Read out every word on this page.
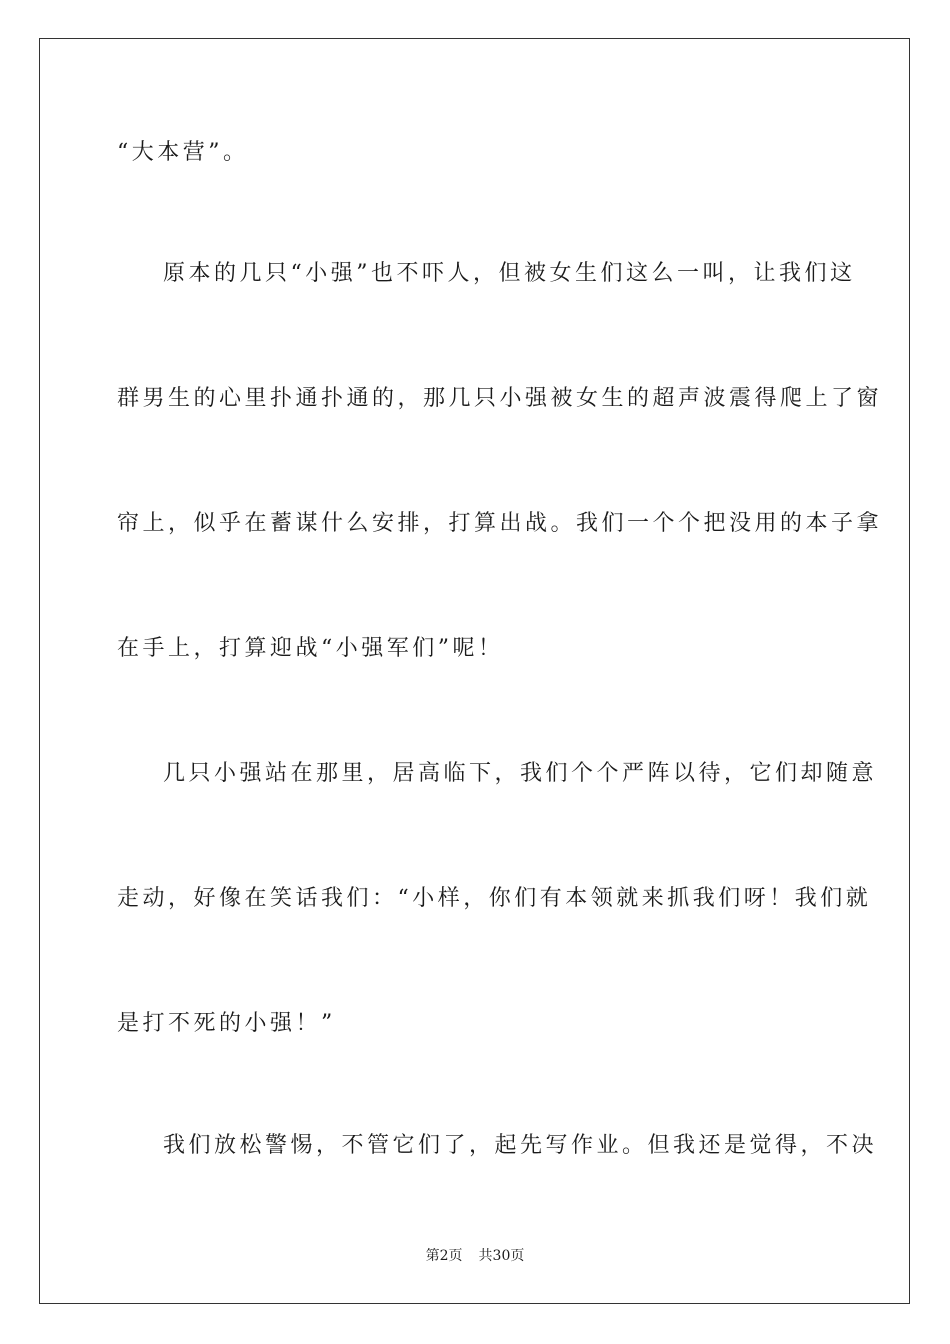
“大本营”。
原本的几只“小强”也不吓人，但被女生们这么一叫，让我们这
群男生的心里扑通扑通的，那几只小强被女生的超声波震得爬上了窗
帘上，似乎在蓄谋什么安排，打算出战。我们一个个把没用的本子拿
在手上，打算迎战“小强军们”呢！
几只小强站在那里，居高临下，我们个个严阵以待，它们却随意
走动，好像在笑话我们：“小样，你们有本领就来抓我们呀！我们就
是打不死的小强！”
我们放松警惕，不管它们了，起先写作业。但我还是觉得，不决
第2页 共30页
